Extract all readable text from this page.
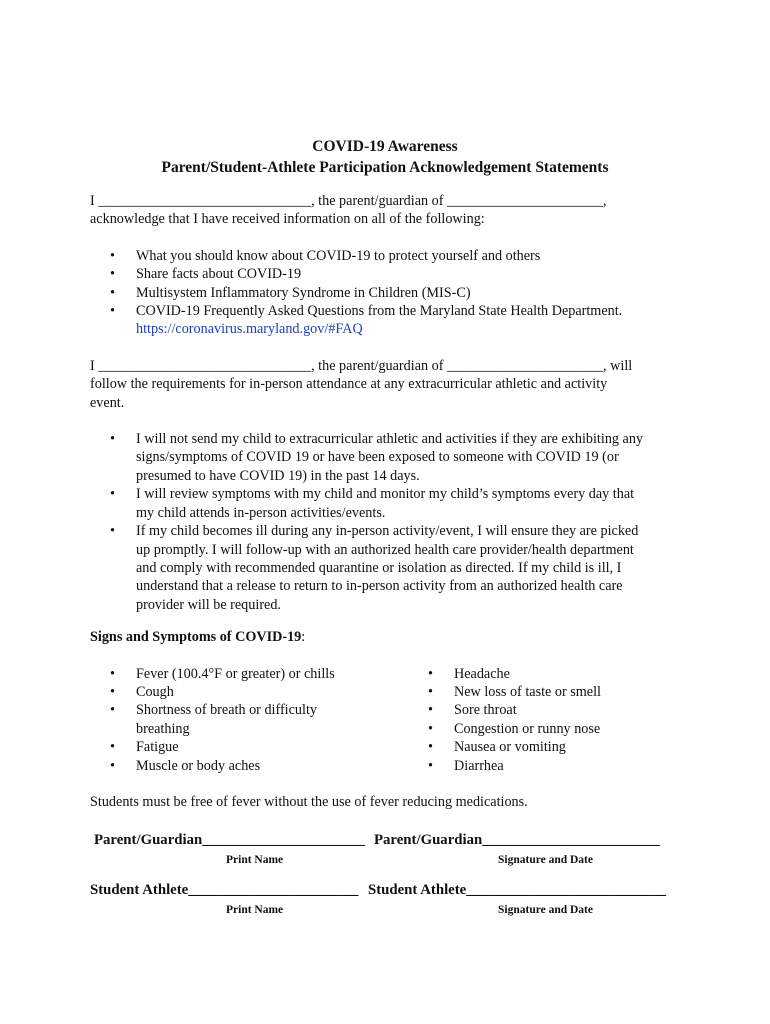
COVID-19 Awareness

Parent/Student-Athlete Participation Acknowledgement Statements

I ______________________________, the parent/guardian of ______________________,

acknowledge that I have received information on all of the following:

• What you should know about COVID-19 to protect yourself and others
• Share facts about COVID-19
• Multisystem Inflammatory Syndrome in Children (MIS-C)
• COVID-19 Frequently Asked Questions from the Maryland State Health Department.
https://coronavirus.maryland.gov/#FAQ

I ______________________________, the parent/guardian of ______________________, will

follow the requirements for in-person attendance at any extracurricular athletic and activity

event.

• I will not send my child to extracurricular athletic and activities if they are exhibiting any
signs/symptoms of COVID 19 or have been exposed to someone with COVID 19 (or
presumed to have COVID 19) in the past 14 days.
• I will review symptoms with my child and monitor my child’s symptoms every day that
my child attends in-person activities/events.
• If my child becomes ill during any in-person activity/event, I will ensure they are picked
up promptly. I will follow-up with an authorized health care provider/health department
and comply with recommended quarantine or isolation as directed. If my child is ill, I
understand that a release to return to in-person activity from an authorized health care
provider will be required.

Signs and Symptoms of COVID-19:

• Fever (100.4°F or greater) or chills
• Cough
• Shortness of breath or difficulty
breathing
• Fatigue
• Muscle or body aches
• Headache
• New loss of taste or smell
• Sore throat
• Congestion or runny nose
• Nausea or vomiting
• Diarrhea

Students must be free of fever without the use of fever reducing medications.

Parent/Guardian______________________ Parent/Guardian________________________
Print Name	Signature and Date
Student Athlete_______________________ Student Athlete___________________________
Print Name	Signature and Date
